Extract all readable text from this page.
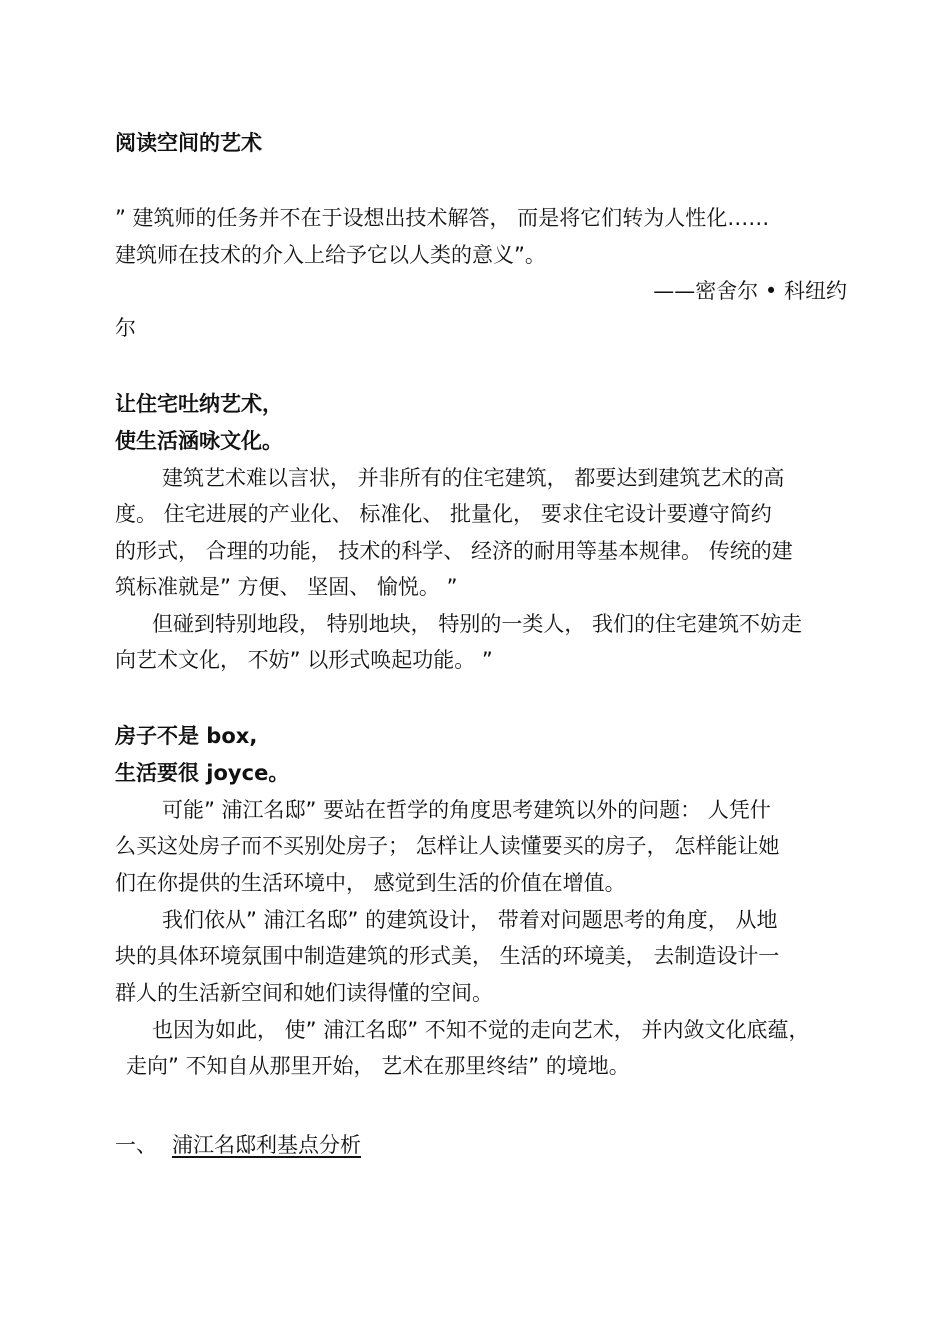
阅读空间的艺术
” 建筑师的任务并不在于设想出技术解答， 而是将它们转为人性化……
建筑师在技术的介入上给予它以人类的意义”。
——密舍尔 • 科纽约
尔
让住宅吐纳艺术，
使生活涵咏文化。
建筑艺术难以言状， 并非所有的住宅建筑， 都要达到建筑艺术的高
度。 住宅进展的产业化、 标准化、 批量化， 要求住宅设计要遵守简约
的形式， 合理的功能， 技术的科学、 经济的耐用等基本规律。 传统的建
筑标准就是” 方便、 坚固、 愉悦。 ”
但碰到特别地段， 特别地块， 特别的一类人， 我们的住宅建筑不妨走
向艺术文化， 不妨” 以形式唤起功能。 ”
房子不是 box,
生活要很 joyce。
可能” 浦江名邸” 要站在哲学的角度思考建筑以外的问题： 人凭什
么买这处房子而不买别处房子； 怎样让人读懂要买的房子， 怎样能让她
们在你提供的生活环境中， 感觉到生活的价值在增值。
我们依从” 浦江名邸” 的建筑设计， 带着对问题思考的角度， 从地
块的具体环境氛围中制造建筑的形式美， 生活的环境美， 去制造设计一
群人的生活新空间和她们读得懂的空间。
也因为如此， 使” 浦江名邸” 不知不觉的走向艺术， 并内敛文化底蕴，
走向” 不知自从那里开始， 艺术在那里终结” 的境地。
一、 浦江名邸利基点分析
